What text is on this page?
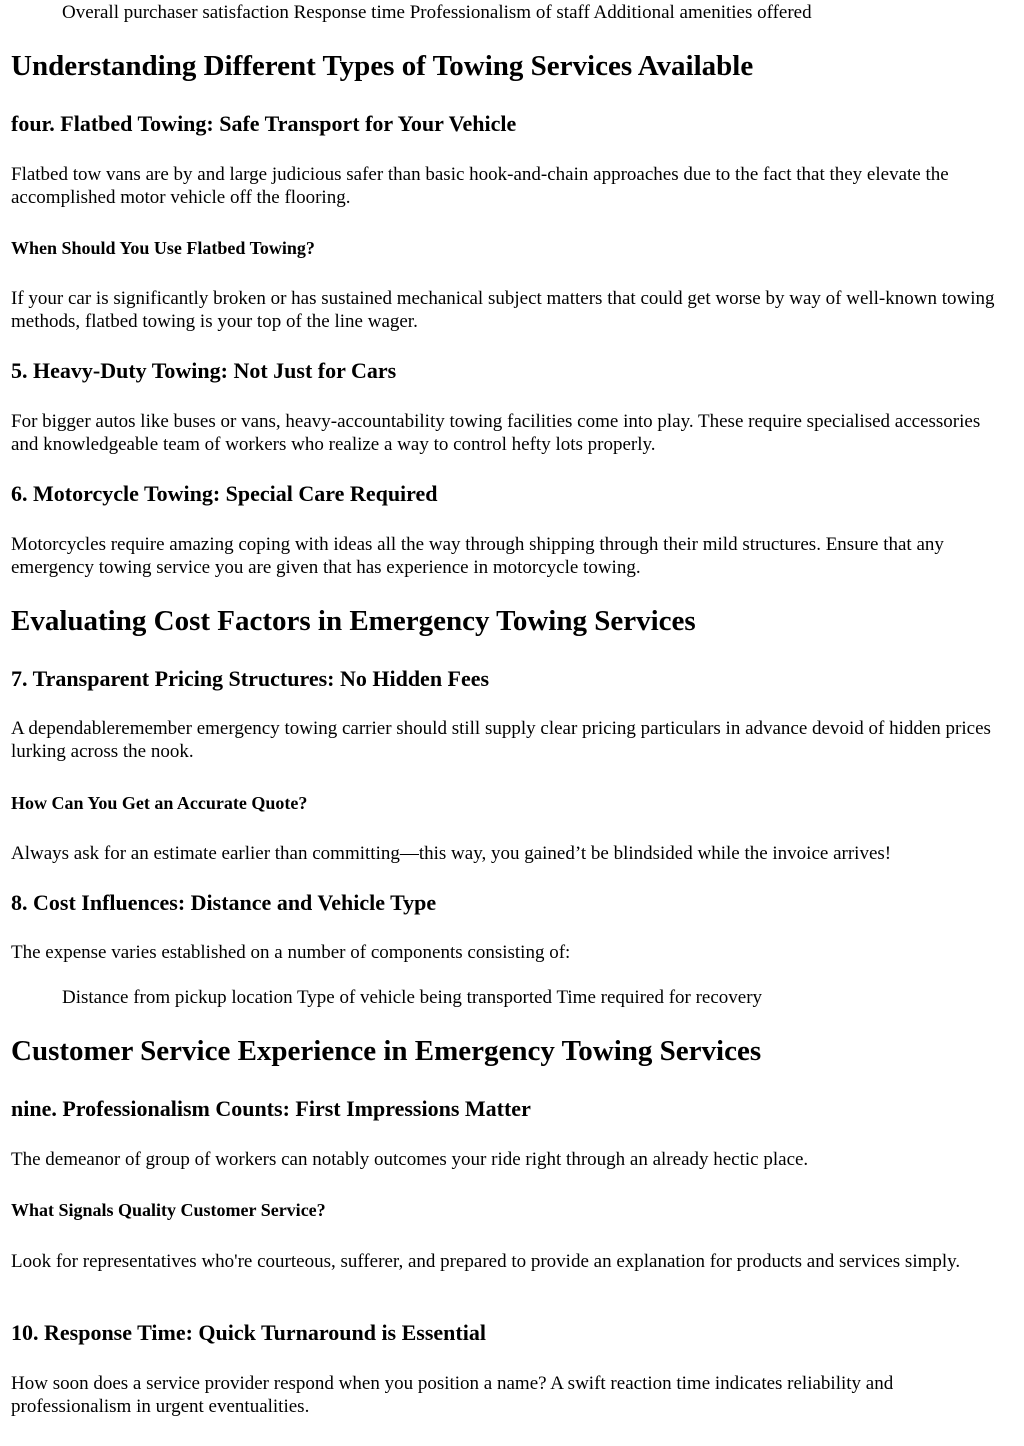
Overall purchaser satisfaction Response time Professionalism of staff Additional amenities offered

Understanding Different Types of Towing Services Available
four. Flatbed Towing: Safe Transport for Your Vehicle

Flatbed tow vans are by and large judicious safer than basic hook-and-chain approaches due to the fact that they elevate the accomplished motor vehicle off the flooring.

When Should You Use Flatbed Towing?

If your car is significantly broken or has sustained mechanical subject matters that could get worse by way of well-known towing methods, flatbed towing is your top of the line wager.

5. Heavy-Duty Towing: Not Just for Cars

For bigger autos like buses or vans, heavy-accountability towing facilities come into play. These require specialised accessories and knowledgeable team of workers who realize a way to control hefty lots properly.

6. Motorcycle Towing: Special Care Required

Motorcycles require amazing coping with ideas all the way through shipping through their mild structures. Ensure that any emergency towing service you are given that has experience in motorcycle towing.

Evaluating Cost Factors in Emergency Towing Services
7. Transparent Pricing Structures: No Hidden Fees

A dependableremember emergency towing carrier should still supply clear pricing particulars in advance devoid of hidden prices lurking across the nook.

How Can You Get an Accurate Quote?

Always ask for an estimate earlier than committing—this way, you gained’t be blindsided while the invoice arrives!

8. Cost Influences: Distance and Vehicle Type

The expense varies established on a number of components consisting of:

Distance from pickup location Type of vehicle being transported Time required for recovery

Customer Service Experience in Emergency Towing Services
nine. Professionalism Counts: First Impressions Matter

The demeanor of group of workers can notably outcomes your ride right through an already hectic place.

What Signals Quality Customer Service?

Look for representatives who're courteous, sufferer, and prepared to provide an explanation for products and services simply.

10. Response Time: Quick Turnaround is Essential

How soon does a service provider respond when you position a name? A swift reaction time indicates reliability and professionalism in urgent eventualities.
